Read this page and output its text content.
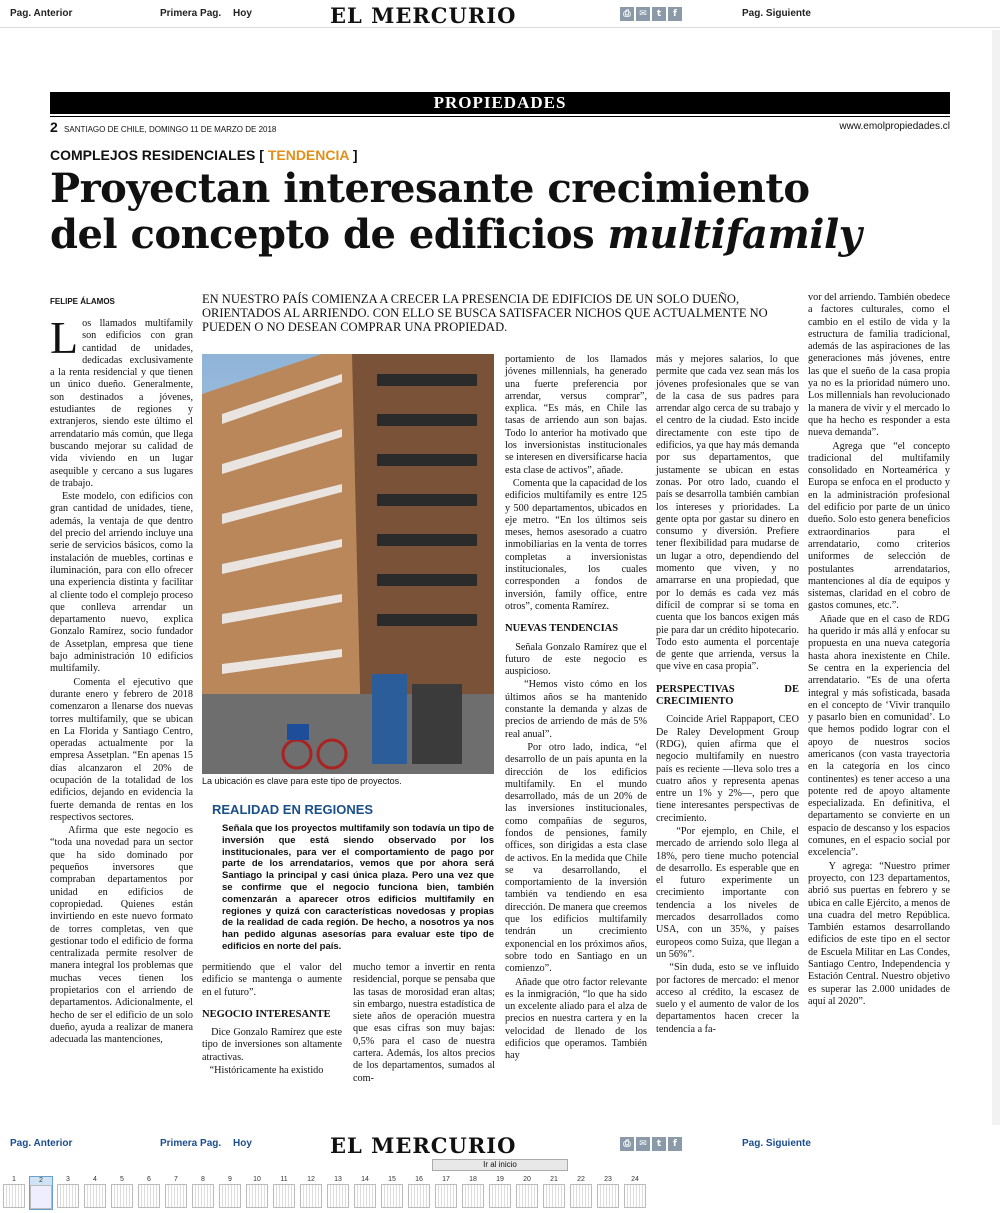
Pag. Anterior	Primera Pag. Hoy	EL MERCURIO	⎙ ✉	t	f	Pag. Siguiente
PROPIEDADES
2 SANTIAGO DE CHILE, DOMINGO 11 DE MARZO DE 2018	www.emolpropiedades.cl
COMPLEJOS RESIDENCIALES [ TENDENCIA ]
Proyectan interesante crecimiento
del concepto de edificios multifamily
FELIPE ÁLAMOS	EN NUESTRO PAÍS COMIENZA A CRECER LA PRESENCIA DE EDIFICIOS DE UN SOLO DUEÑO, ORIENTADOS AL ARRIENDO. CON ELLO SE BUSCA SATISFACER NICHOS QUE ACTUALMENTE NO PUEDEN O NO DESEAN COMPRAR UNA PROPIEDAD.

Los llamados multifamily son edificios con gran cantidad de unidades, dedicadas exclusivamente a la renta residencial y que tienen un único dueño. Generalmente, son destinados a jóvenes, estudiantes de regiones y extranjeros, siendo este último el arrendatario más común, que llega buscando mejorar su calidad de vida viviendo en un lugar asequible y cercano a sus lugares de trabajo.

Este modelo, con edificios con gran cantidad de unidades, tiene, además, la ventaja de que dentro del precio del arriendo incluye una serie de servicios básicos, como la instalación de muebles, cortinas e iluminación, para con ello ofrecer una experiencia distinta y facilitar al cliente todo el complejo proceso que conlleva arrendar un departamento nuevo, explica Gonzalo Ramírez, socio fundador de Assetplan, empresa que tiene bajo administración 10 edificios multifamily.

Comenta el ejecutivo que durante enero y febrero de 2018 comenzaron a llenarse dos nuevas torres multifamily, que se ubican en La Florida y Santiago Centro, operadas actualmente por la empresa Assetplan. “En apenas 15 días alcanzaron el 20% de ocupación de la totalidad de los edificios, dejando en evidencia la fuerte demanda de rentas en los respectivos sectores.

Afirma que este negocio es “toda una novedad para un sector que ha sido dominado por pequeños inversores que compraban departamentos por unidad en edificios de copropiedad. Quienes están invirtiendo en este nuevo formato de torres completas, ven que gestionar todo el edificio de forma centralizada permite resolver de manera integral los problemas que muchas veces tienen los propietarios con el arriendo de departamentos. Adicionalmente, el hecho de ser el edificio de un solo dueño, ayuda a realizar de manera adecuada las mantenciones,

La ubicación es clave para este tipo de proyectos.
REALIDAD EN REGIONES

Señala que los proyectos multifamily son todavía un tipo de inversión que está siendo observado por los institucionales, para ver el comportamiento de pago por parte de los arrendatarios, vemos que por ahora será Santiago la principal y casi única plaza. Pero una vez que se confirme que el negocio funciona bien, también comenzarán a aparecer otros edificios multifamily en regiones y quizá con características novedosas y propias de la realidad de cada región. De hecho, a nosotros ya nos han pedido algunas asesorías para evaluar este tipo de edificios en norte del país.

permitiendo que el valor del edificio se mantenga o aumente en el futuro”.

NEGOCIO INTERESANTE

Dice Gonzalo Ramírez que este tipo de inversiones son altamente atractivas.

“Históricamente ha existido

portamiento de los llamados jóvenes millennials, ha generado una fuerte preferencia por arrendar, versus comprar”, explica. “Es más, en Chile las tasas de arriendo aun son bajas. Todo lo anterior ha motivado que los inversionistas institucionales se interesen en diversificarse hacia esta clase de activos”, añade.

Comenta que la capacidad de los edificios multifamily es entre 125 y 500 departamentos, ubicados en eje metro. “En los últimos seis meses, hemos asesorado a cuatro inmobiliarias en la venta de torres completas a inversionistas institucionales, los cuales corresponden a fondos de inversión, family office, entre otros”, comenta Ramírez.

NUEVAS TENDENCIAS

Señala Gonzalo Ramírez que el futuro de este negocio es auspicioso.

“Hemos visto cómo en los últimos años se ha mantenido constante la demanda y alzas de precios de arriendo de más de 5% real anual”.

Por otro lado, indica, “el desarrollo de un país apunta en la dirección de los edificios multifamily. En el mundo desarrollado, más de un 20% de las inversiones institucionales, como compañías de seguros, fondos de pensiones, family offices, son dirigidas a esta clase de activos. En la medida que Chile se va desarrollando, el comportamiento de la inversión también va tendiendo en esa dirección. De manera que creemos que los edificios multifamily tendrán un crecimiento exponencial en los próximos años, sobre todo en Santiago en un comienzo”.

Añade que otro factor relevante es la inmigración, “lo que ha sido un excelente aliado para el alza de precios en nuestra cartera y en la velocidad de llenado de los edificios que operamos. También hay

mucho temor a invertir en renta residencial, porque se pensaba que las tasas de morosidad eran altas; sin embargo, nuestra estadística de siete años de operación muestra que esas cifras son muy bajas: 0,5% para el caso de nuestra cartera. Además, los altos precios de los departamentos, sumados al com-

más y mejores salarios, lo que permite que cada vez sean más los jóvenes profesionales que se van de la casa de sus padres para arrendar algo cerca de su trabajo y el centro de la ciudad. Esto incide directamente con este tipo de edificios, ya que hay más demanda por sus departamentos, que justamente se ubican en estas zonas. Por otro lado, cuando el país se desarrolla también cambian los intereses y prioridades. La gente opta por gastar su dinero en consumo y diversión. Prefiere tener flexibilidad para mudarse de un lugar a otro, dependiendo del momento que viven, y no amarrarse en una propiedad, que por lo demás es cada vez más difícil de comprar si se toma en cuenta que los bancos exigen más pie para dar un crédito hipotecario. Todo esto aumenta el porcentaje de gente que arrienda, versus la que vive en casa propia”.

PERSPECTIVAS DE CRECIMIENTO

Coincide Ariel Rappaport, CEO De Raley Development Group (RDG), quien afirma que el negocio multifamily en nuestro país es reciente —lleva solo tres a cuatro años y representa apenas entre un 1% y 2%—, pero que tiene interesantes perspectivas de crecimiento.

“Por ejemplo, en Chile, el mercado de arriendo solo llega al 18%, pero tiene mucho potencial de desarrollo. Es esperable que en el futuro experimente un crecimiento importante con tendencia a los niveles de mercados desarrollados como USA, con un 35%, y países europeos como Suiza, que llegan a un 56%”.

“Sin duda, esto se ve influido por factores de mercado: el menor acceso al crédito, la escasez de suelo y el aumento de valor de los departamentos hacen crecer la tendencia a fa-

vor del arriendo. También obedece a factores culturales, como el cambio en el estilo de vida y la estructura de familia tradicional, además de las aspiraciones de las generaciones más jóvenes, entre las que el sueño de la casa propia ya no es la prioridad número uno. Los millennials han revolucionado la manera de vivir y el mercado lo que ha hecho es responder a esta nueva demanda”.

Agrega que “el concepto tradicional del multifamily consolidado en Norteamérica y Europa se enfoca en el producto y en la administración profesional del edificio por parte de un único dueño. Solo esto genera beneficios extraordinarios para el arrendatario, como criterios uniformes de selección de postulantes arrendatarios, mantenciones al día de equipos y sistemas, claridad en el cobro de gastos comunes, etc.”.

Añade que en el caso de RDG ha querido ir más allá y enfocar su propuesta en una nueva categoría hasta ahora inexistente en Chile. Se centra en la experiencia del arrendatario. “Es de una oferta integral y más sofisticada, basada en el concepto de ‘Vivir tranquilo y pasarlo bien en comunidad’. Lo que hemos podido lograr con el apoyo de nuestros socios americanos (con vasta trayectoria en la categoría en los cinco continentes) es tener acceso a una potente red de apoyo altamente especializada. En definitiva, el departamento se convierte en un espacio de descanso y los espacios comunes, en el espacio social por excelencia”.

Y agrega: “Nuestro primer proyecto, con 123 departamentos, abrió sus puertas en febrero y se ubica en calle Ejército, a menos de una cuadra del metro República. También estamos desarrollando edificios de este tipo en el sector de Escuela Militar en Las Condes, Santiago Centro, Independencia y Estación Central. Nuestro objetivo es superar las 2.000 unidades de aquí al 2020”.

Pag. Anterior	Primera Pag. Hoy	EL MERCURIO	⎙ ✉	t	f	Pag. Siguiente
Ir al inicio
1	2	3	4	5	6	7	8	9	10	11	12	13	14	15	16	17	18	19	20	21	22	23	24
